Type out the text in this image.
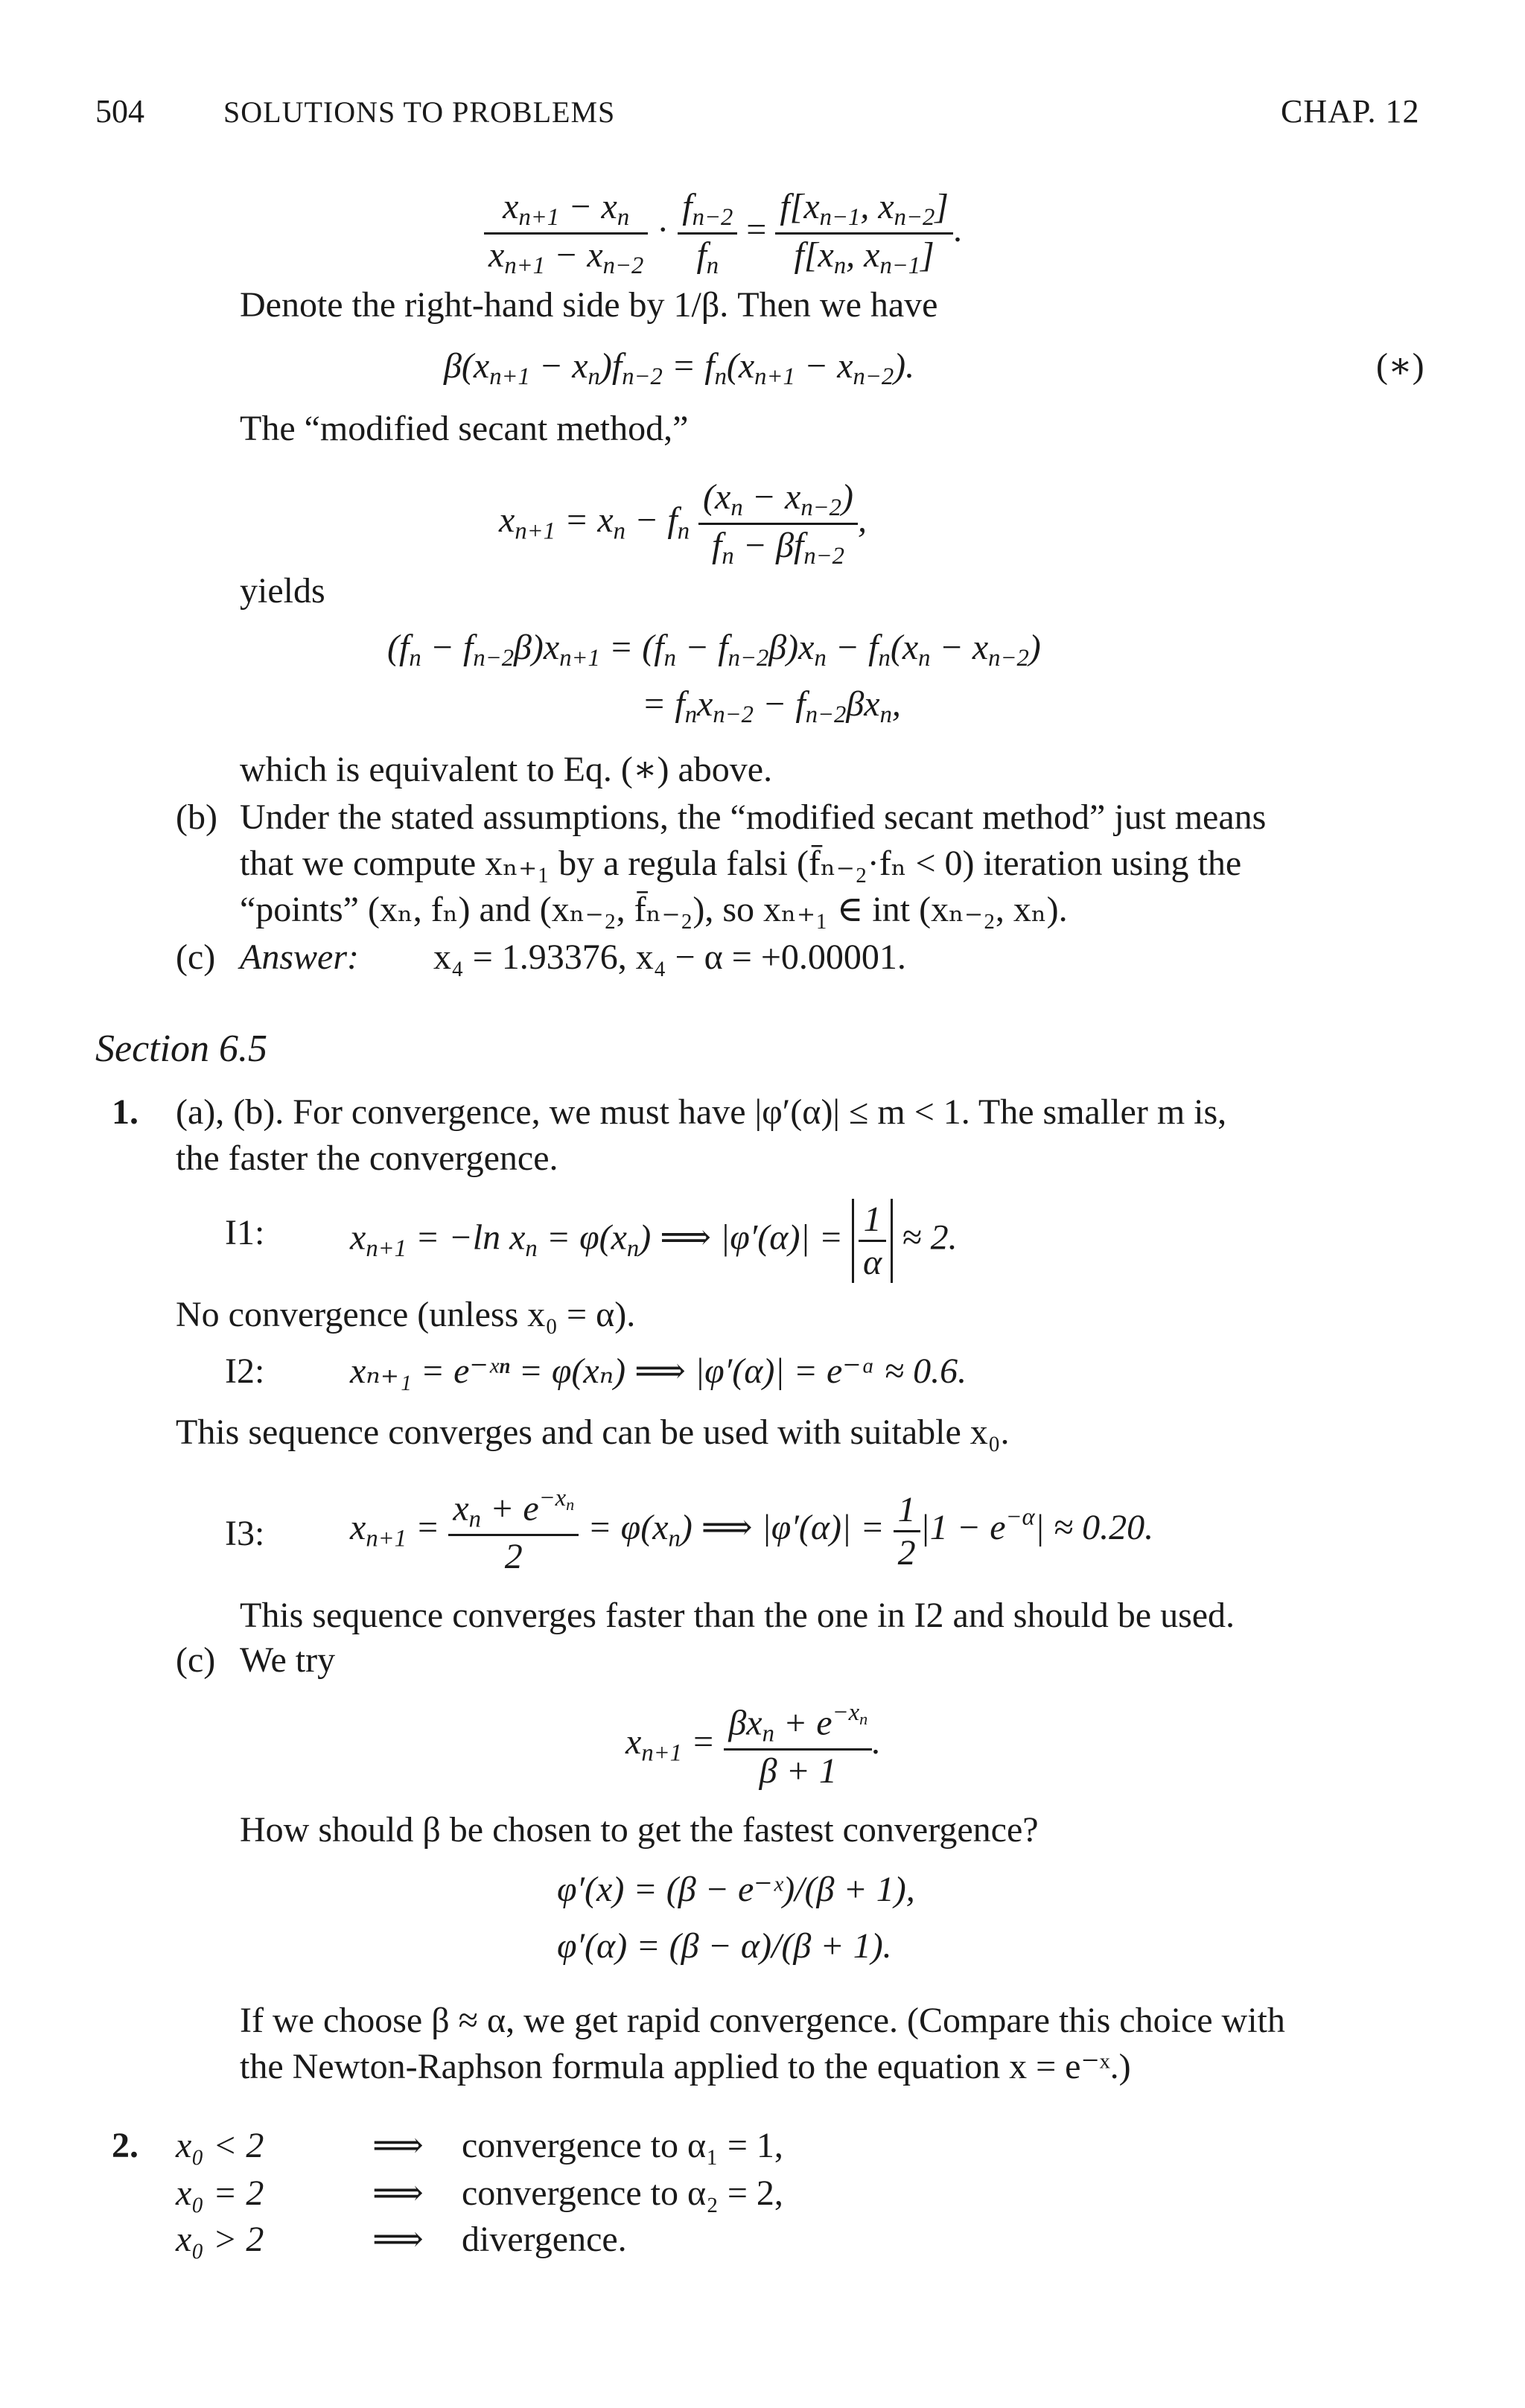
504	SOLUTIONS TO PROBLEMS	CHAP. 12
$\frac{x_{n+1} - x_n}{x_{n+1} - x_{n-2}} \cdot \frac{f_{n-2}}{f_n} = \frac{f[x_{n-1}, x_{n-2}]}{f[x_n, x_{n-1}]}$ .
Denote the right-hand side by 1/β. Then we have
$\beta(x_{n+1} - x_n)f_{n-2} = f_n(x_{n+1} - x_{n-2})$.	(∗)
The “modified secant method,”
$x_{n+1} = x_n - f_n \frac{(x_n - x_{n-2})}{f_n - \beta f_{n-2}}$ ,
yields
$(f_n - f_{n-2}\beta)x_{n+1} = (f_n - f_{n-2}\beta)x_n - f_n(x_n - x_{n-2})$
= $f_nx_{n-2} - f_{n-2}\beta x_n$,
which is equivalent to Eq. (∗) above.
(b) Under the stated assumptions, the “modified secant method” just means
that we compute xₙ₊₁ by a regula falsi (f̄ₙ₋₂·fₙ < 0) iteration using the
“points” (xₙ, fₙ) and (xₙ₋₂, f̄ₙ₋₂), so xₙ₊₁ ∈ int (xₙ₋₂, xₙ).
(c) Answer: x₄ = 1.93376, x₄ − α = +0.00001.
Section 6.5
1. (a), (b). For convergence, we must have |φ′(α)| ≤ m < 1. The smaller m is,
the faster the convergence.
I1: $x_{n+1} = -\ln$ $x_n = \varphi(x_n)$ ⟹ $|\varphi'(\alpha)| = \frac{1}{\alpha} \approx 2$.
No convergence (unless x₀ = α).
I2: xₙ₊₁ = e⁻ˣⁿ = φ(xₙ) ⟹ |φ′(α)| = e⁻ᵅ ≈ 0.6.
This sequence converges and can be used with suitable x₀.
I3: $x_{n+1} = \frac{x_n + e^{-x_n}}{2} = \varphi(x_n)$ ⟹ $|\varphi'(\alpha)| = \frac{1}{2} |1 - e^{-\alpha}| \approx 0.20$.
This sequence converges faster than the one in I2 and should be used.
(c) We try
$x_{n+1} = \frac{\beta x_n + e^{-x_n}}{\beta + 1}$ .
How should β be chosen to get the fastest convergence?
φ′(x) = (β − e⁻ˣ)/(β + 1),
φ′(α) = (β − α)/(β + 1).
If we choose β ≈ α, we get rapid convergence. (Compare this choice with
the Newton-Raphson formula applied to the equation x = e⁻ˣ.)
2. x₀ < 2	⟹ convergence to α₁ = 1,
x₀ = 2	⟹ convergence to α₂ = 2,
x₀ > 2	⟹ divergence.
